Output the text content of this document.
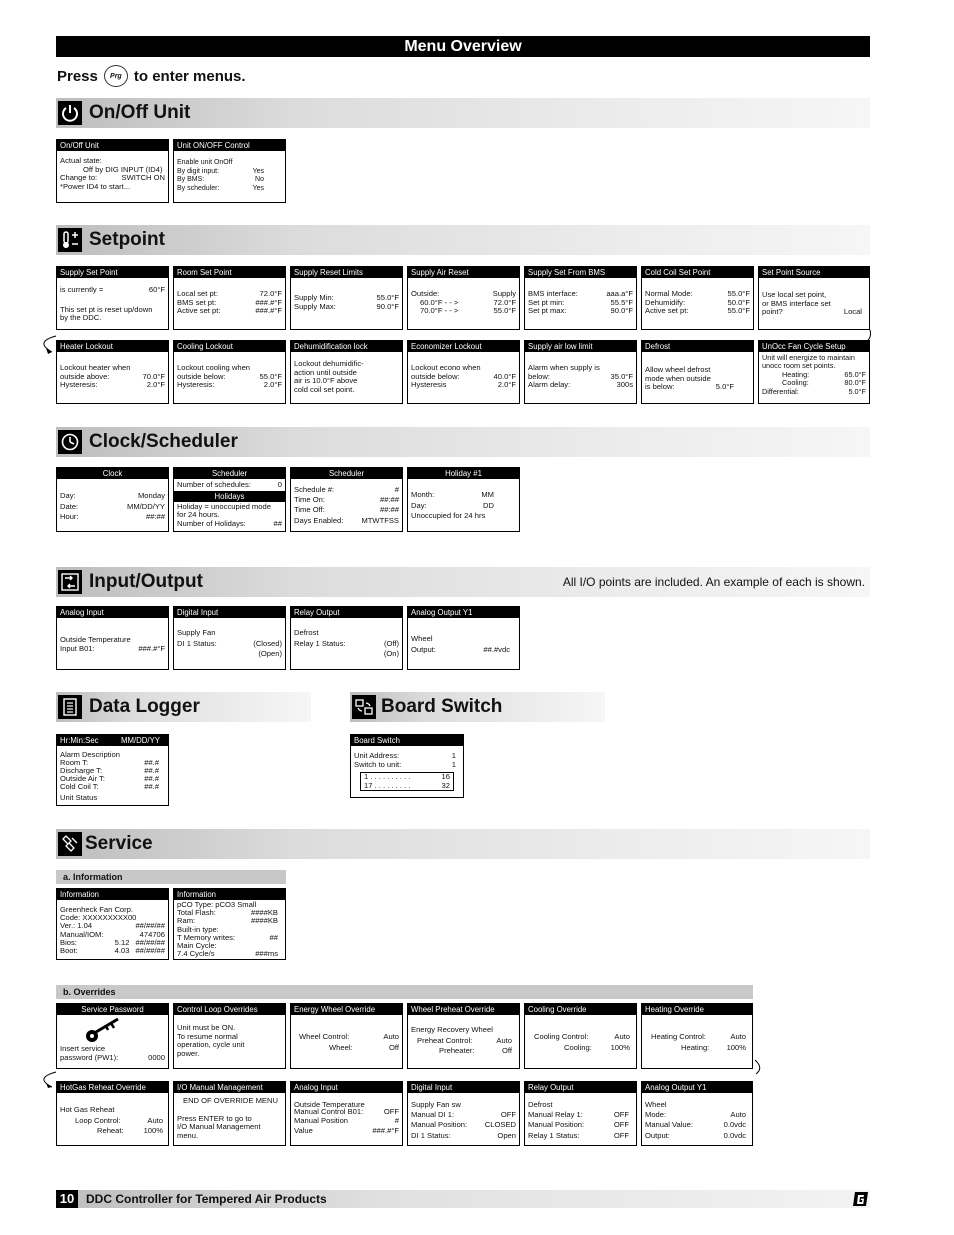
Menu Overview
Press	Prg to enter menus.
On/Off Unit
On/Off Unit
Actual state:
Off by DIG INPUT (ID4)
Change to:	SWITCH ON
*Power ID4 to start...
Unit ON/OFF Control
Enable unit OnOff
By digit input:	Yes
By BMS:	No
By scheduler:	Yes
Setpoint
Supply Set Point
is currently =	60°F
This set pt is reset up/down
by the DDC.
Room Set Point
Local set pt:	72.0°F
BMS set pt:	###.#°F
Active set pt:	###.#°F
Supply Reset Limits
Supply Min:	55.0°F
Supply Max:	90.0°F
Supply Air Reset
Outside:	Supply
60.0°F - - >	72.0°F
70.0°F - - >	55.0°F
Supply Set From BMS
BMS interface:	aaa.a°F
Set pt min:	55.5°F
Set pt max:	90.0°F
Cold Coil Set Point
Normal Mode:	55.0°F
Dehumidify:	50.0°F
Active set pt:	55.0°F
Set Point Source
Use local set point,
or BMS interface set
point?	Local
Heater Lockout
Lockout heater when
outside above:	70.0°F
Hysteresis:	2.0°F
Cooling Lockout
Lockout cooling when
outside below:	55.0°F
Hysteresis:	2.0°F
Dehumidification lock
Lockout dehumidific-
action until outside
air is 10.0°F above
cold coil set point.
Economizer Lockout
Lockout econo when
outside below:	40.0°F
Hysteresis	2.0°F
Supply air low limit
Alarm when supply is
below:	35.0°F
Alarm delay:	300s
Defrost
Allow wheel defrost
mode when outside
is below:	5.0°F
UnOcc Fan Cycle Setup
Unit will energize to maintain
unocc room set points.
Heating:	65.0°F
Cooling:	80.0°F
Differential:	5.0°F
Clock/Scheduler
Clock
Day:	Monday
Date:	MM/DD/YY
Hour:	##:##
Scheduler
Number of schedules:	0
Holidays
Holiday = unoccupied mode
for 24 hours.
Number of Holidays:	##
Scheduler
Schedule #:	#
Time On:	##:##
Time Off:	##:##
Days Enabled: MTWTFSS
Holiday #1
Month:	MM
Day:	DD
Unoccupied for 24 hrs
Input/Output	All I/O points are included. An example of each is shown.
Analog Input
Outside Temperature
Input B01:	###.#°F
Digital Input
Supply Fan
DI 1 Status:	(Closed)
(Open)
Relay Output
Defrost
Relay 1 Status:	(Off)
(On)
Analog Output Y1
Wheel
Output:	##.#vdc
Data Logger	Board Switch
Hr:Min:Sec	MM/DD/YY
Alarm Description
Room T:	##.#
Discharge T:	##.#
Outside Air T:	##.#
Cold Coil T:	##.#
Unit Status
Board Switch
Unit Address:	1
Switch to unit:	1
1 . . . . . . . . . .	16
17 . . . . . . . . .	32
Service
a. Information
Information
Greenheck Fan Corp.
Code: XXXXXXXXX00
Ver.: 1.04	##/##/##
Manual/IOM:	474706
Bios:	5.12 ##/##/##
Boot:	4.03 ##/##/##
Information
pCO Type: pCO3 Small
Total Flash:	####KB
Ram:	####KB
Built-in type:
T Memory writes:	##
Main Cycle:
7.4 Cycle/s	###ms
b. Overrides
Service Password
Insert service
password (PW1):	0000
Control Loop Overrides
Unit must be ON.
To resume normal
operation, cycle unit
power.
Energy Wheel Override
Wheel Control:	Auto
Wheel:	Off
Wheel Preheat Override
Energy Recovery Wheel
Preheat Control:	Auto
Preheater:	Off
Cooling Override
Cooling Control:	Auto
Cooling: 100%
Heating Override
Heating Control:	Auto
Heating: 100%
HotGas Reheat Override
Hot Gas Reheat
Loop Control:	Auto
Reheat:	100%
I/O Manual Management
END OF OVERRIDE MENU
Press ENTER to go to
I/O Manual Management
menu.
Analog Input
Outside Temperature
Manual Control B01:	OFF
Manual Position	#
Value	###.#°F
Digital Input
Supply Fan sw
Manual DI 1:	OFF
Manual Position: CLOSED
DI 1 Status:	Open
Relay Output
Defrost
Manual Relay 1:	OFF
Manual Position:	OFF
Relay 1 Status:	OFF
Analog Output Y1
Wheel
Mode:	Auto
Manual Value:	0.0vdc
Output:	0.0vdc
10 DDC Controller for Tempered Air Products
